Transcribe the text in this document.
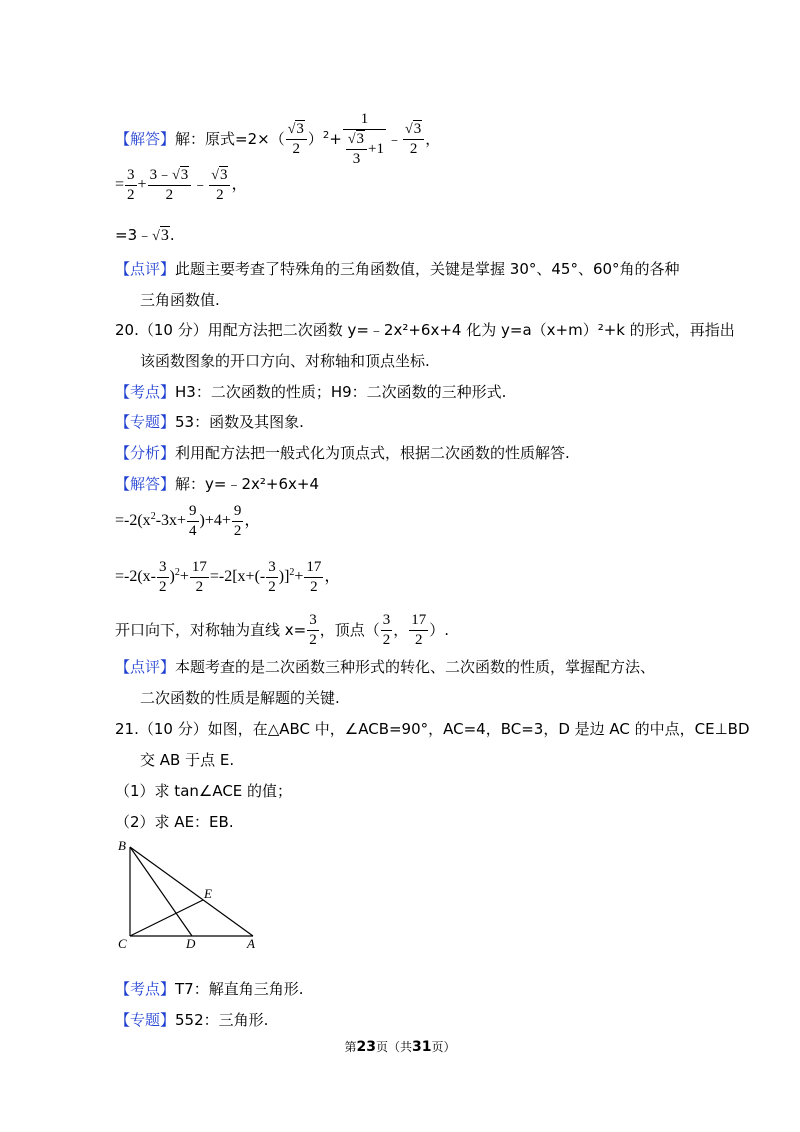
【解答】解：原式$=2\times( \frac{√3}{2} )^2+ \frac{1}{\frac{√3}{3} +1}$ ﹣ $\frac{√3}{2}$ ，
= $\frac{3}{2} + \frac{3﹣√3}{2}$ ﹣ $\frac{√3}{2}$ ，
=3﹣√3.
【点评】此题主要考查了特殊角的三角函数值，关键是掌握 30°、45°、60°角的各种
三角函数值.
20.（10 分）用配方法把二次函数 y=﹣2x²+6x+4 化为 y=a（x+m）²+k 的形式，再指出
该函数图象的开口方向、对称轴和顶点坐标.
【考点】H3：二次函数的性质；H9：二次函数的三种形式.
【专题】53：函数及其图象.
【分析】利用配方法把一般式化为顶点式，根据二次函数的性质解答.
【解答】解：y=﹣2x²+6x+4
$=-2(x^2-3x+ \frac{9}{4} )+4+ \frac{9}{2}$ ，
$=-2(x- \frac{3}{2} )^2+ \frac{17}{2} =-2[x+(- \frac{3}{2} )]^2+ \frac{17}{2}$ ，
开口向下，对称轴为直线 $x= \frac{3}{2}$ ，顶点（ $\frac{3}{2}$ ， $\frac{17}{2}$ ）.
【点评】本题考查的是二次函数三种形式的转化、二次函数的性质，掌握配方法、
二次函数的性质是解题的关键.
21.（10 分）如图，在△ABC 中，∠ACB=90°，AC=4，BC=3，D 是边 AC 的中点，CE⊥BD
交 AB 于点 E.
（1）求 tan∠ACE 的值；
（2）求 AE：EB.
B
C	D	A
E
【考点】T7：解直角三角形.
【专题】552：三角形.
第23页（共31页）
